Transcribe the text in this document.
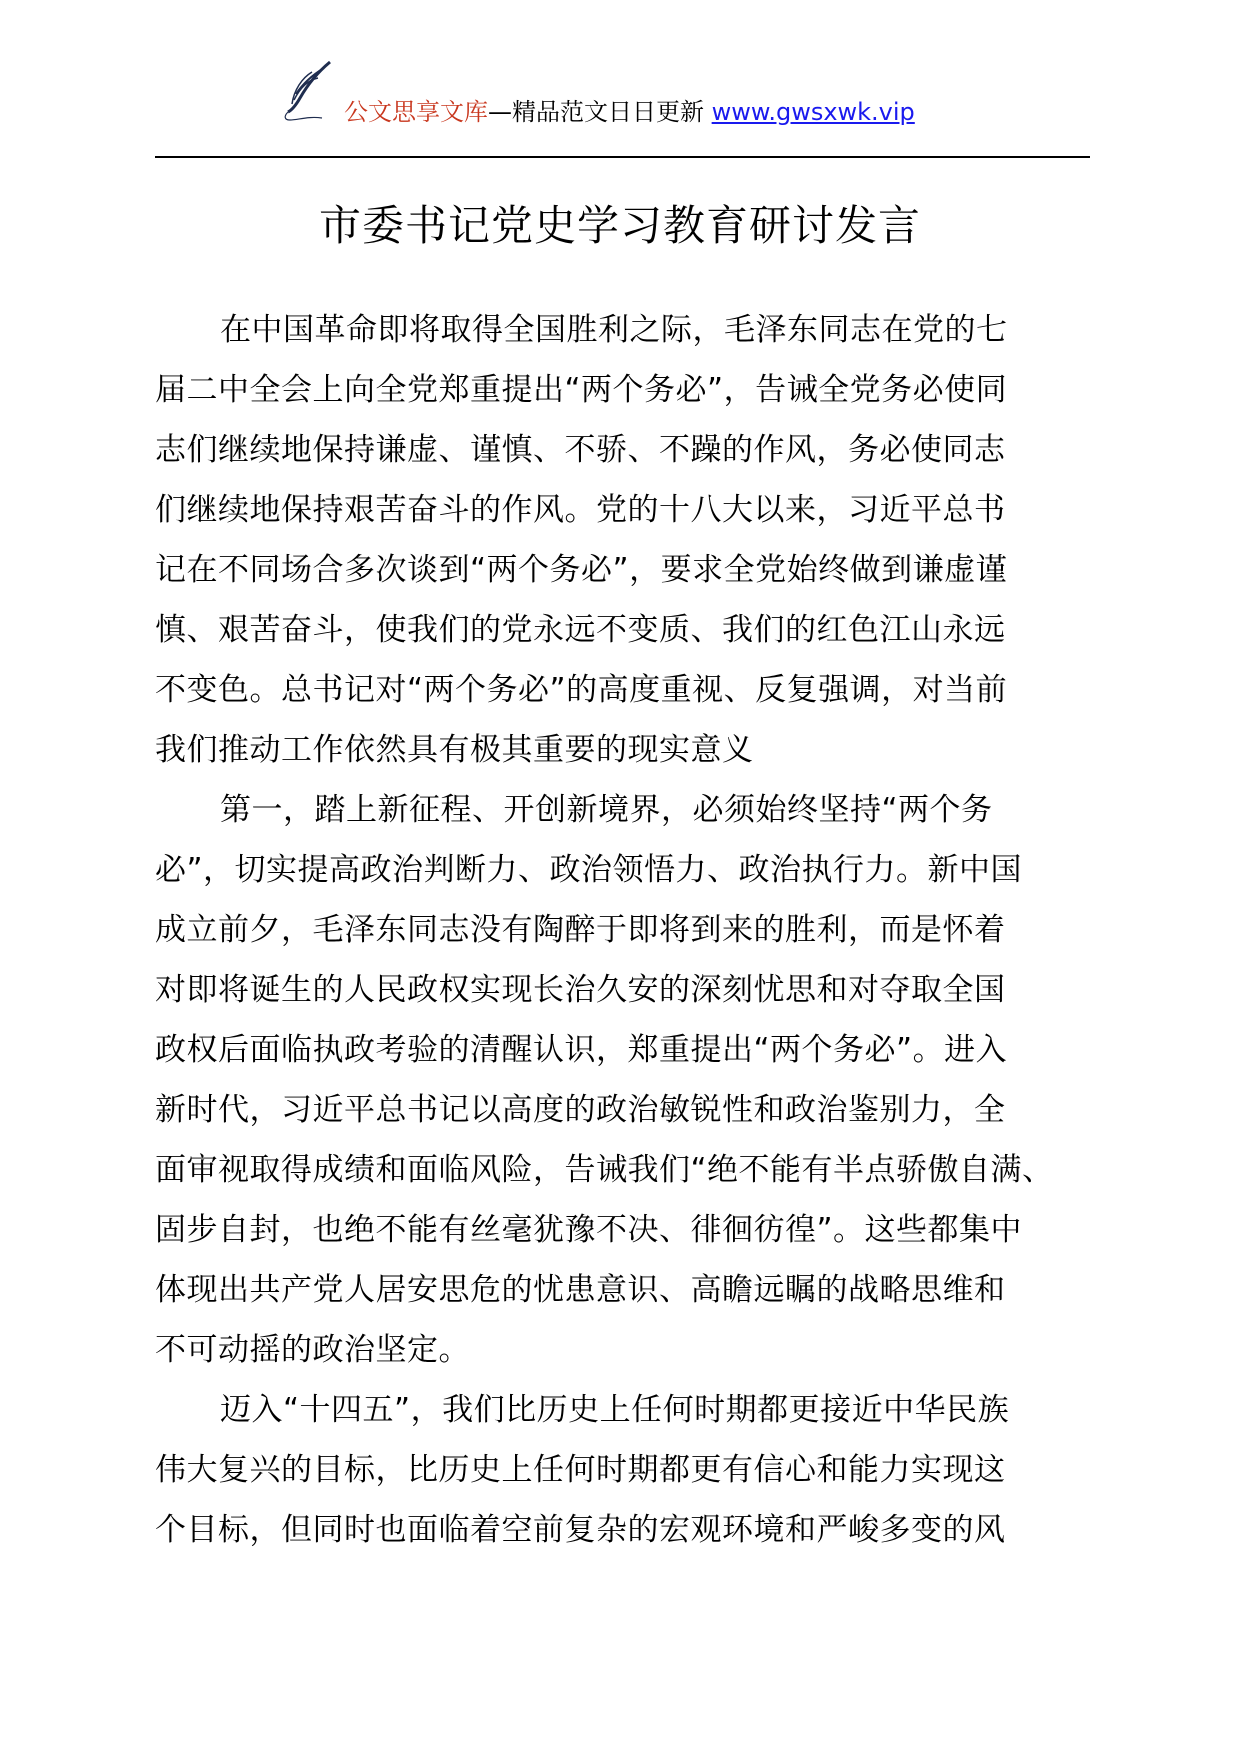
公文思享文库—精品范文日日更新 www.gwsxwk.vip
市委书记党史学习教育研讨发言
在中国革命即将取得全国胜利之际，毛泽东同志在党的七
届二中全会上向全党郑重提出“两个务必”，告诫全党务必使同
志们继续地保持谦虚、谨慎、不骄、不躁的作风，务必使同志
们继续地保持艰苦奋斗的作风。党的十八大以来，习近平总书
记在不同场合多次谈到“两个务必”，要求全党始终做到谦虚谨
慎、艰苦奋斗，使我们的党永远不变质、我们的红色江山永远
不变色。总书记对“两个务必”的高度重视、反复强调，对当前
我们推动工作依然具有极其重要的现实意义
第一，踏上新征程、开创新境界，必须始终坚持“两个务
必”，切实提高政治判断力、政治领悟力、政治执行力。新中国
成立前夕，毛泽东同志没有陶醉于即将到来的胜利，而是怀着
对即将诞生的人民政权实现长治久安的深刻忧思和对夺取全国
政权后面临执政考验的清醒认识，郑重提出“两个务必”。进入
新时代，习近平总书记以高度的政治敏锐性和政治鉴别力，全
面审视取得成绩和面临风险，告诫我们“绝不能有半点骄傲自满、
固步自封，也绝不能有丝毫犹豫不决、徘徊彷徨”。这些都集中
体现出共产党人居安思危的忧患意识、高瞻远瞩的战略思维和
不可动摇的政治坚定。
迈入“十四五”，我们比历史上任何时期都更接近中华民族
伟大复兴的目标，比历史上任何时期都更有信心和能力实现这
个目标，但同时也面临着空前复杂的宏观环境和严峻多变的风
